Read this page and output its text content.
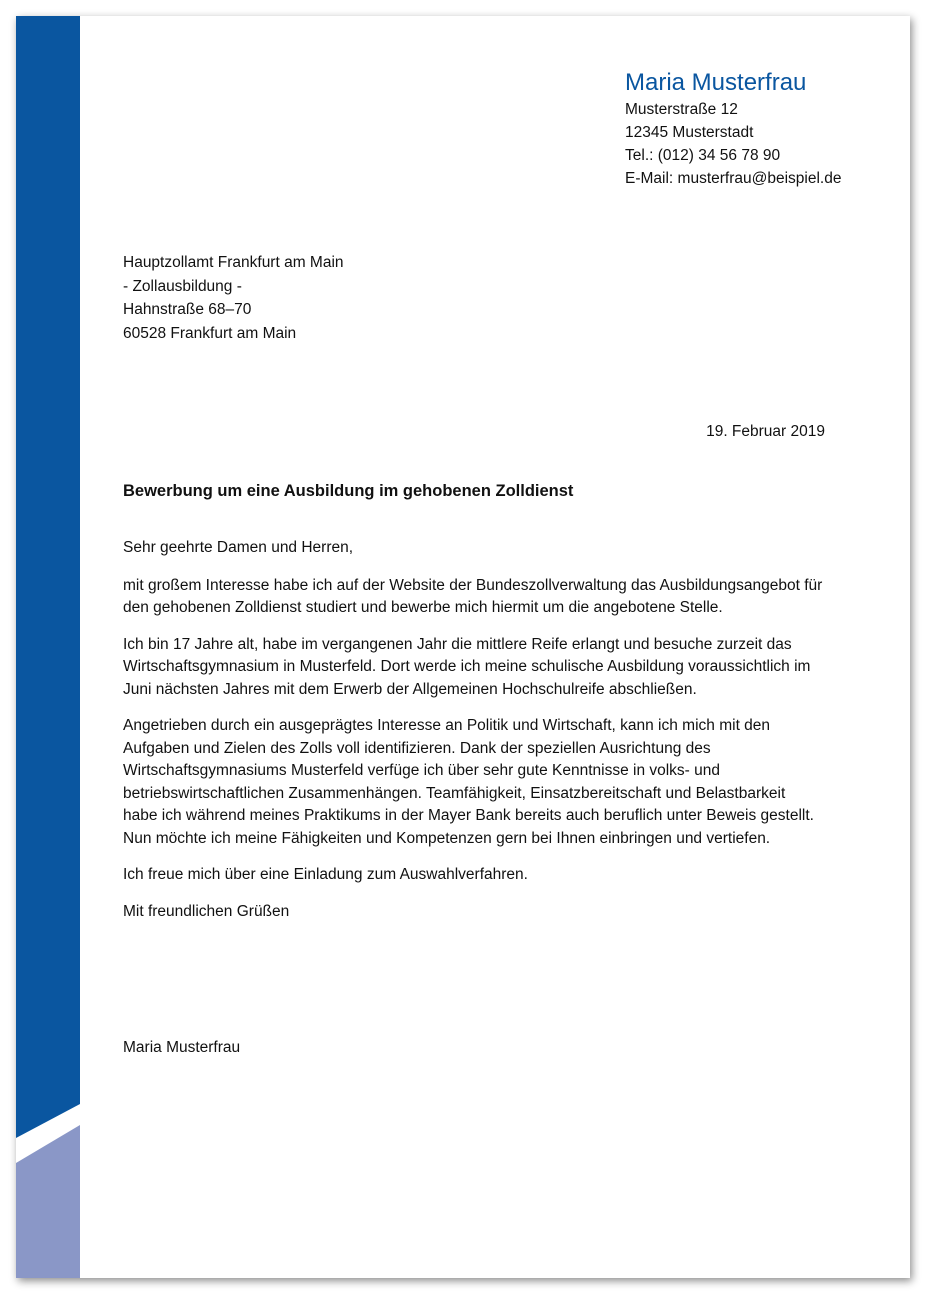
Maria Musterfrau
Musterstraße 12
12345 Musterstadt
Tel.: (012) 34 56 78 90
E-Mail: musterfrau@beispiel.de
Hauptzollamt Frankfurt am Main
- Zollausbildung -
Hahnstraße 68–70
60528 Frankfurt am Main
19. Februar 2019
Bewerbung um eine Ausbildung im gehobenen Zolldienst

Sehr geehrte Damen und Herren,

mit großem Interesse habe ich auf der Website der Bundeszollverwaltung das Ausbildungsangebot für den gehobenen Zolldienst studiert und bewerbe mich hiermit um die angebotene Stelle.

Ich bin 17 Jahre alt, habe im vergangenen Jahr die mittlere Reife erlangt und besuche zurzeit das Wirtschaftsgymnasium in Musterfeld. Dort werde ich meine schulische Ausbildung voraussichtlich im Juni nächsten Jahres mit dem Erwerb der Allgemeinen Hochschulreife abschließen.

Angetrieben durch ein ausgeprägtes Interesse an Politik und Wirtschaft, kann ich mich mit den Aufgaben und Zielen des Zolls voll identifizieren. Dank der speziellen Ausrichtung des Wirtschaftsgymnasiums Musterfeld verfüge ich über sehr gute Kenntnisse in volks- und betriebswirtschaftlichen Zusammenhängen. Teamfähigkeit, Einsatzbereitschaft und Belastbarkeit habe ich während meines Praktikums in der Mayer Bank bereits auch beruflich unter Beweis gestellt. Nun möchte ich meine Fähigkeiten und Kompetenzen gern bei Ihnen einbringen und vertiefen.

Ich freue mich über eine Einladung zum Auswahlverfahren.

Mit freundlichen Grüßen

Maria Musterfrau
